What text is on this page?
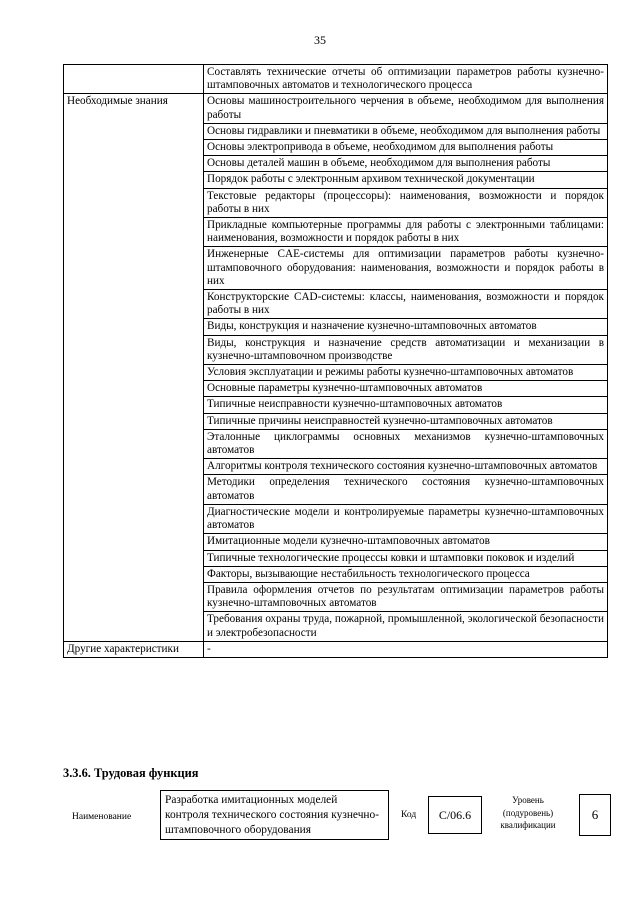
35
	Составлять технические отчеты об оптимизации параметров работы кузнечно-штамповочных автоматов и технологического процесса
Необходимые знания	Основы машиностроительного черчения в объеме, необходимом для выполнения работы
	Основы гидравлики и пневматики в объеме, необходимом для выполнения работы
	Основы электропривода в объеме, необходимом для выполнения работы
	Основы деталей машин в объеме, необходимом для выполнения работы
	Порядок работы с электронным архивом технической документации
	Текстовые редакторы (процессоры): наименования, возможности и порядок работы в них
	Прикладные компьютерные программы для работы с электронными таблицами: наименования, возможности и порядок работы в них
	Инженерные CAE-системы для оптимизации параметров работы кузнечно-штамповочного оборудования: наименования, возможности и порядок работы в них
	Конструкторские CAD-системы: классы, наименования, возможности и порядок работы в них
	Виды, конструкция и назначение кузнечно-штамповочных автоматов
	Виды, конструкция и назначение средств автоматизации и механизации в кузнечно-штамповочном производстве
	Условия эксплуатации и режимы работы кузнечно-штамповочных автоматов
	Основные параметры кузнечно-штамповочных автоматов
	Типичные неисправности кузнечно-штамповочных автоматов
	Типичные причины неисправностей кузнечно-штамповочных автоматов
	Эталонные циклограммы основных механизмов кузнечно-штамповочных автоматов
	Алгоритмы контроля технического состояния кузнечно-штамповочных автоматов
	Методики определения технического состояния кузнечно-штамповочных автоматов
	Диагностические модели и контролируемые параметры кузнечно-штамповочных автоматов
	Имитационные модели кузнечно-штамповочных автоматов
	Типичные технологические процессы ковки и штамповки поковок и изделий
	Факторы, вызывающие нестабильность технологического процесса
	Правила оформления отчетов по результатам оптимизации параметров работы кузнечно-штамповочных автоматов
	Требования охраны труда, пожарной, промышленной, экологической безопасности и электробезопасности
Другие характеристики	-
3.3.6. Трудовая функция
Наименование
Разработка имитационных моделей контроля технического состояния кузнечно-штамповочного оборудования
Код	C/06.6
Уровень (подуровень) квалификации
6
